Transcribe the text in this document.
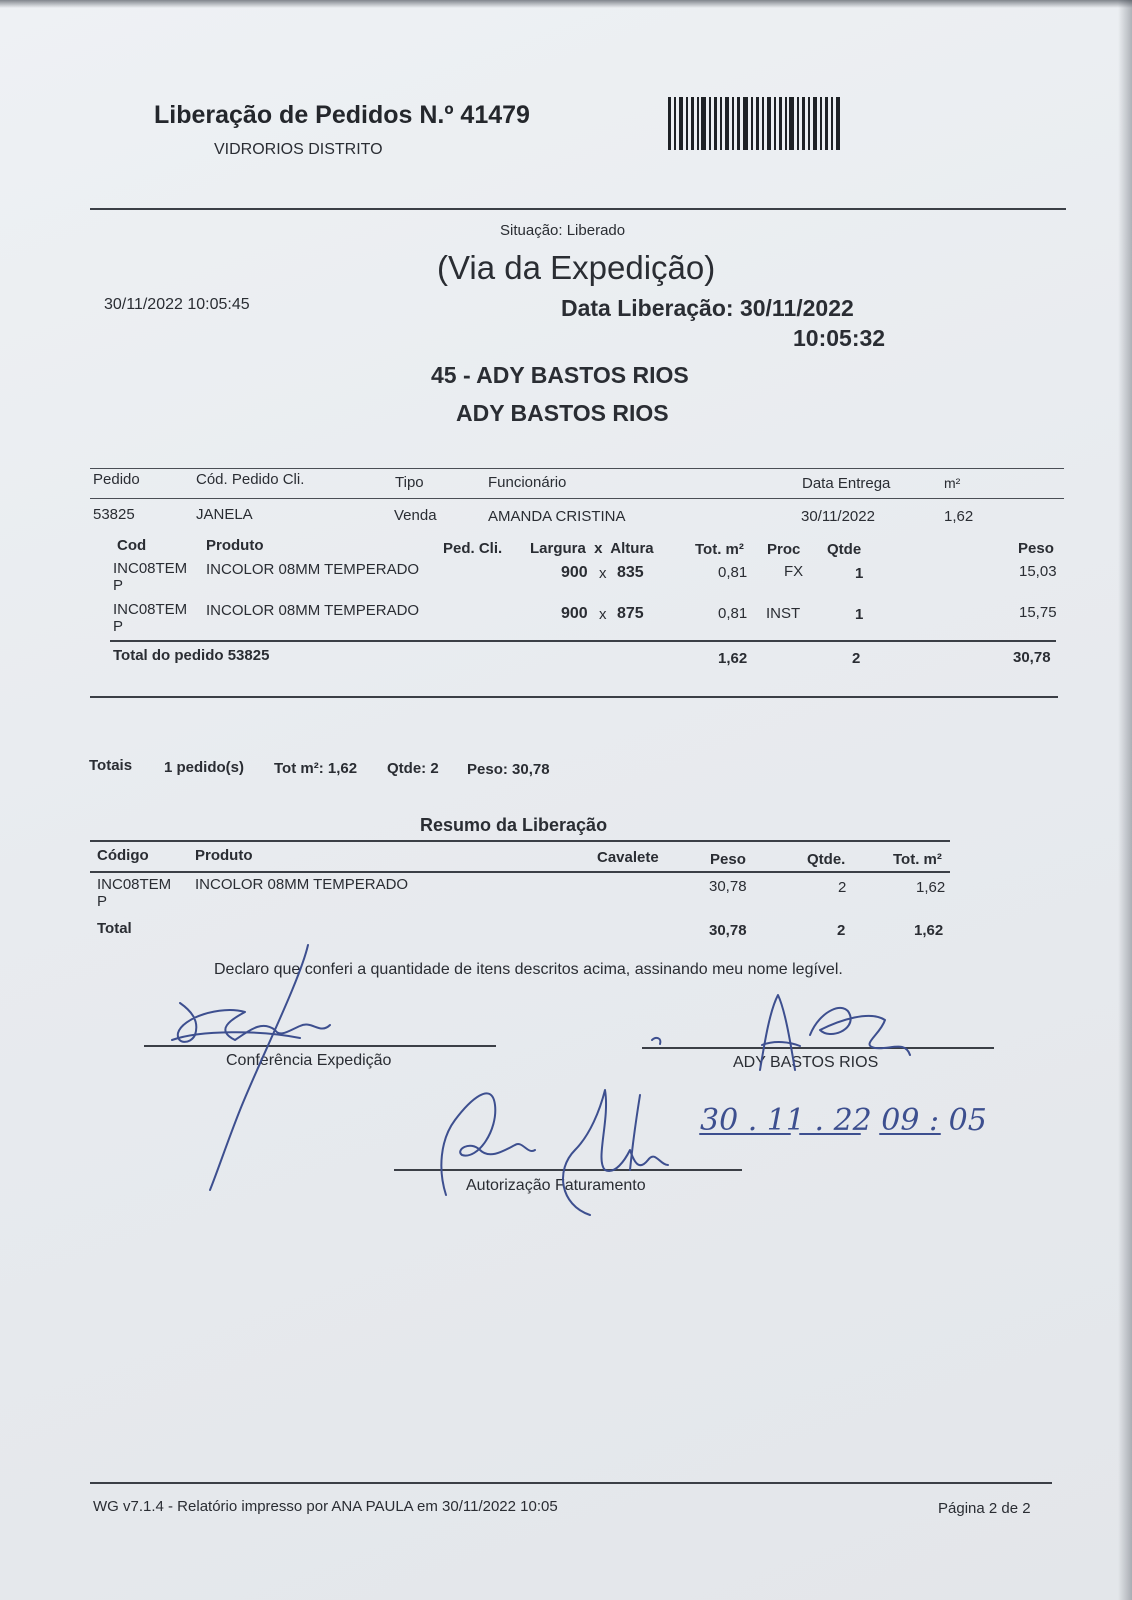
Liberação de Pedidos N.º 41479
VIDRORIOS DISTRITO
Situação: Liberado
(Via da Expedição)
30/11/2022 10:05:45	Data Liberação: 30/11/2022
10:05:32
45 - ADY BASTOS RIOS
ADY BASTOS RIOS
Pedido	Cód. Pedido Cli.	Tipo	Funcionário	Data Entrega	m²
53825	JANELA	Venda	AMANDA CRISTINA	30/11/2022	1,62
Cod	Produto	Ped. Cli. Largura  x  Altura	Tot. m² Proc Qtde	Peso
INC08TEM
P
INCOLOR 08MM TEMPERADO	900 x 835	0,81 FX	1	15,03
INC08TEM
P
INCOLOR 08MM TEMPERADO	900 x 875	0,81 INST	1	15,75
Total do pedido 53825	1,62	2	30,78
Totais 1 pedido(s) Tot m²: 1,62 Qtde: 2 Peso: 30,78
Resumo da Liberação
Código	Produto	Cavalete	Peso	Qtde.	Tot. m²
INC08TEM
P
INCOLOR 08MM TEMPERADO	30,78	2	1,62
Total	30,78	2	1,62
Declaro que conferi a quantidade de itens descritos acima, assinando meu nome legível.
Conferência Expedição	ADY BASTOS RIOS
Autorização Faturamento
30 . 11 . 22 09 : 05
WG v7.1.4 - Relatório impresso por ANA PAULA em 30/11/2022 10:05	Página 2 de 2
